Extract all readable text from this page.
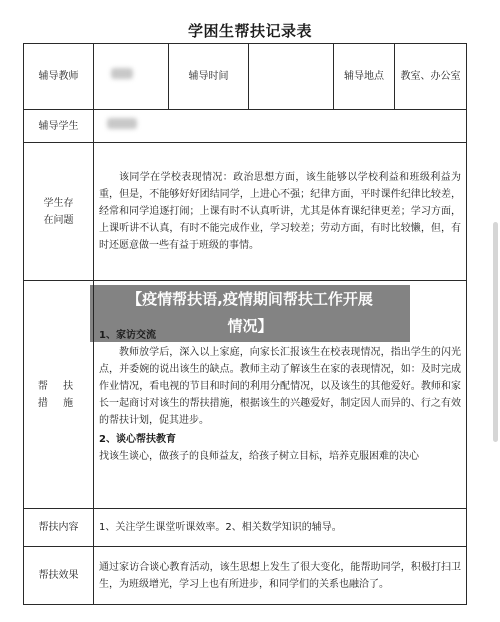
学困生帮扶记录表
辅导教师		辅导时间		辅导地点	教室、办公室
辅导学生					

学生存
在问题	该同学在学校表现情况：政治思想方面，该生能够以学校利益和班级利益为重，但是，不能够好好团结同学，上进心不强；纪律方面，平时课件纪律比较差，经常和同学追逐打闹；上课有时不认真听讲，尤其是体育课纪律更差；学习方面，上课听讲不认真，有时不能完成作业，学习较差；劳动方面，有时比较懒，但，有时还愿意做一些有益于班级的事情。				

帮 扶
措 施	教师放学后，深入以上家庭，向家长汇报该生在校表现情况，指出学生的闪光点，并委婉的说出该生的缺点。教师主动了解该生在家的表现情况，如：及时完成作业情况，看电视的节目和时间的利用分配情况，以及该生的其他爱好。教师和家长一起商讨对该生的帮扶措施，根据该生的兴趣爱好，制定因人而异的、行之有效的帮扶计划，促其进步。
2、谈心帮扶教育
找该生谈心，做孩子的良师益友，给孩子树立目标，培养克服困难的决心				
帮扶内容	1、关注学生课堂听课效率。2、相关数学知识的辅导。				
帮扶效果	通过家访合谈心教育活动，该生思想上发生了很大变化，能帮助同学，积极打扫卫生，为班级增光，学习上也有所进步，和同学们的关系也融洽了。				
【疫情帮扶语,疫情期间帮扶工作开展
情况】
